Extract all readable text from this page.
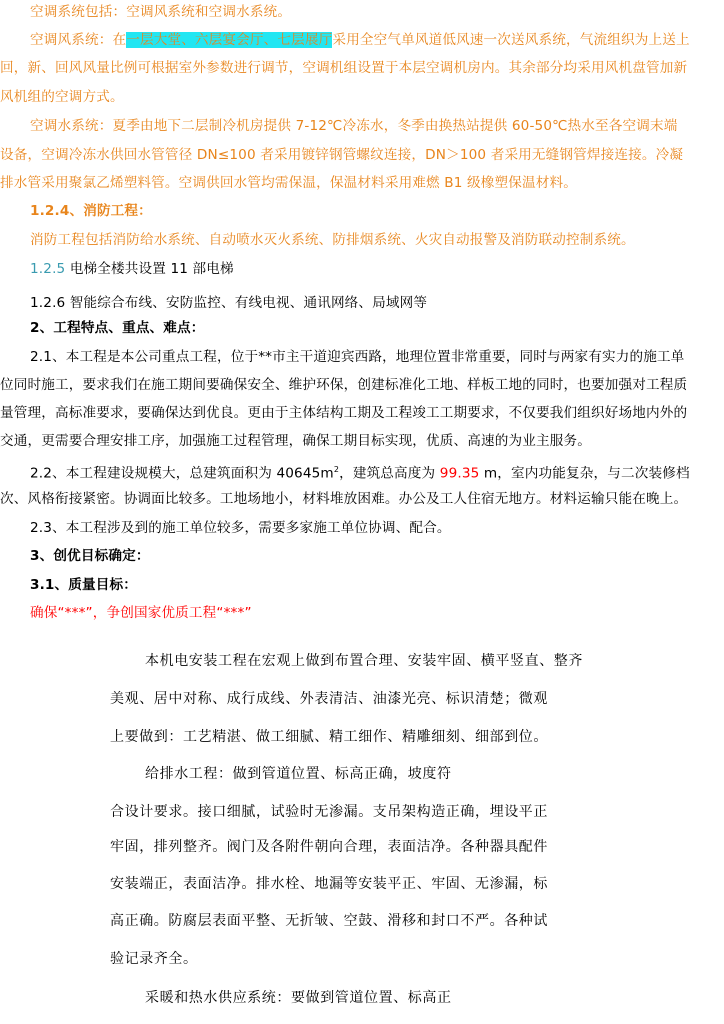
空调系统包括：空调风系统和空调水系统。
空调风系统：在一层大堂、六层宴会厅、七层展厅采用全空气单风道低风速一次送风系统，气流组织为上送上
回，新、回风风量比例可根据室外参数进行调节，空调机组设置于本层空调机房内。其余部分均采用风机盘管加新
风机组的空调方式。
空调水系统：夏季由地下二层制冷机房提供 7-12℃冷冻水，冬季由换热站提供 60-50℃热水至各空调末端
设备，空调冷冻水供回水管管径 DN≤100 者采用镀锌钢管螺纹连接，DN＞100 者采用无缝钢管焊接连接。冷凝
排水管采用聚氯乙烯塑料管。空调供回水管均需保温，保温材料采用难燃 B1 级橡塑保温材料。
1.2.4、消防工程：
消防工程包括消防给水系统、自动喷水灭火系统、防排烟系统、火灾自动报警及消防联动控制系统。
1.2.5 电梯全楼共设置 11 部电梯
1.2.6 智能综合布线、安防监控、有线电视、通讯网络、局域网等
2、工程特点、重点、难点：
2.1、本工程是本公司重点工程，位于**市主干道迎宾西路，地理位置非常重要，同时与两家有实力的施工单
位同时施工，要求我们在施工期间要确保安全、维护环保，创建标准化工地、样板工地的同时，也要加强对工程质
量管理，高标准要求，要确保达到优良。更由于主体结构工期及工程竣工工期要求，不仅要我们组织好场地内外的
交通，更需要合理安排工序，加强施工过程管理，确保工期目标实现，优质、高速的为业主服务。
2.2、本工程建设规模大，总建筑面积为 $40645m^2$，建筑总高度为 99.35 m，室内功能复杂，与二次装修档
次、风格衔接紧密。协调面比较多。工地场地小，材料堆放困难。办公及工人住宿无地方。材料运输只能在晚上。
2.3、本工程涉及到的施工单位较多，需要多家施工单位协调、配合。
3、创优目标确定：
3.1、质量目标：
确保“***”，争创国家优质工程“***”
本机电安装工程在宏观上做到布置合理、安装牢固、横平竖直、整齐
美观、居中对称、成行成线、外表清洁、油漆光亮、标识清楚；微观
上要做到：工艺精湛、做工细腻、精工细作、精雕细刻、细部到位。
给排水工程：做到管道位置、标高正确，坡度符
合设计要求。接口细腻，试验时无渗漏。支吊架构造正确，埋设平正
牢固，排列整齐。阀门及各附件朝向合理，表面洁净。各种器具配件
安装端正，表面洁净。排水栓、地漏等安装平正、牢固、无渗漏，标
高正确。防腐层表面平整、无折皱、空鼓、滑移和封口不严。各种试
验记录齐全。
采暖和热水供应系统：要做到管道位置、标高正
